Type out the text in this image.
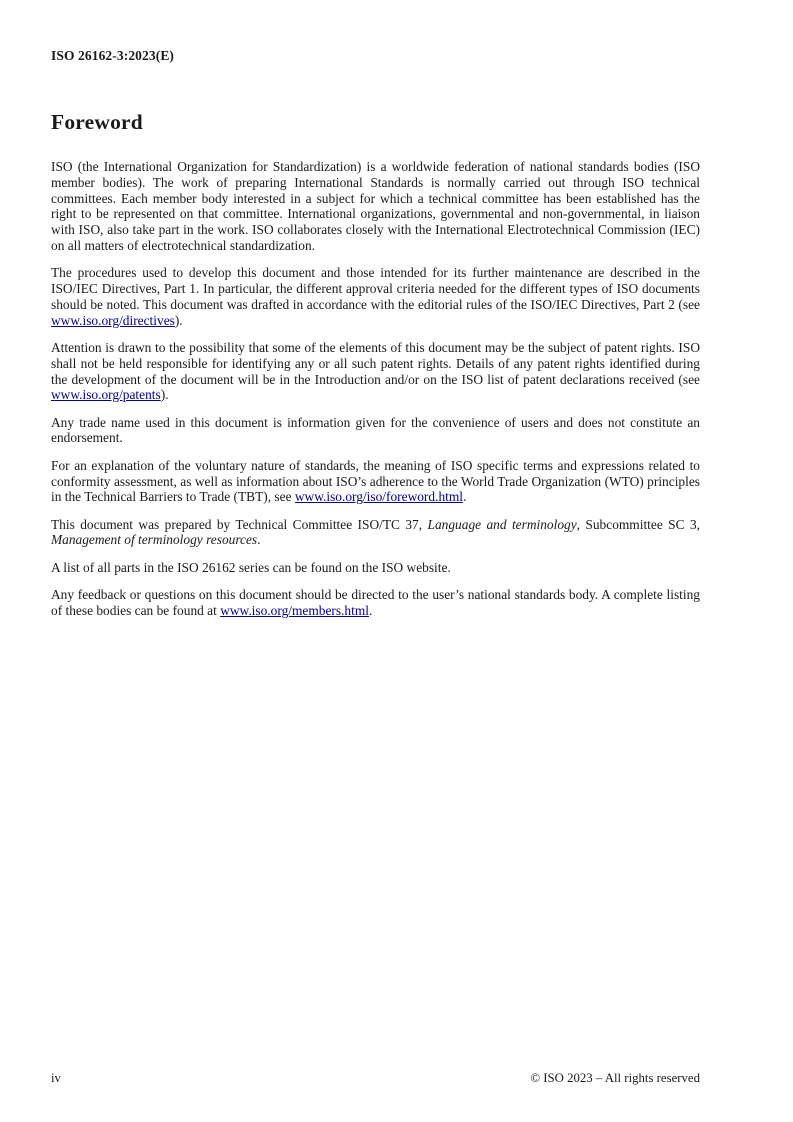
ISO 26162-3:2023(E)
Foreword

ISO (the International Organization for Standardization) is a worldwide federation of national standards bodies (ISO member bodies). The work of preparing International Standards is normally carried out through ISO technical committees. Each member body interested in a subject for which a technical committee has been established has the right to be represented on that committee. International organizations, governmental and non-governmental, in liaison with ISO, also take part in the work. ISO collaborates closely with the International Electrotechnical Commission (IEC) on all matters of electrotechnical standardization.

The procedures used to develop this document and those intended for its further maintenance are described in the ISO/IEC Directives, Part 1. In particular, the different approval criteria needed for the different types of ISO documents should be noted. This document was drafted in accordance with the editorial rules of the ISO/IEC Directives, Part 2 (see www.iso.org/directives).

Attention is drawn to the possibility that some of the elements of this document may be the subject of patent rights. ISO shall not be held responsible for identifying any or all such patent rights. Details of any patent rights identified during the development of the document will be in the Introduction and/or on the ISO list of patent declarations received (see www.iso.org/patents).

Any trade name used in this document is information given for the convenience of users and does not constitute an endorsement.

For an explanation of the voluntary nature of standards, the meaning of ISO specific terms and expressions related to conformity assessment, as well as information about ISO’s adherence to the World Trade Organization (WTO) principles in the Technical Barriers to Trade (TBT), see www.iso.org/iso/foreword.html.

This document was prepared by Technical Committee ISO/TC 37, Language and terminology, Subcommittee SC 3, Management of terminology resources.

A list of all parts in the ISO 26162 series can be found on the ISO website.

Any feedback or questions on this document should be directed to the user’s national standards body. A complete listing of these bodies can be found at www.iso.org/members.html.

iv	© ISO 2023 – All rights reserved
